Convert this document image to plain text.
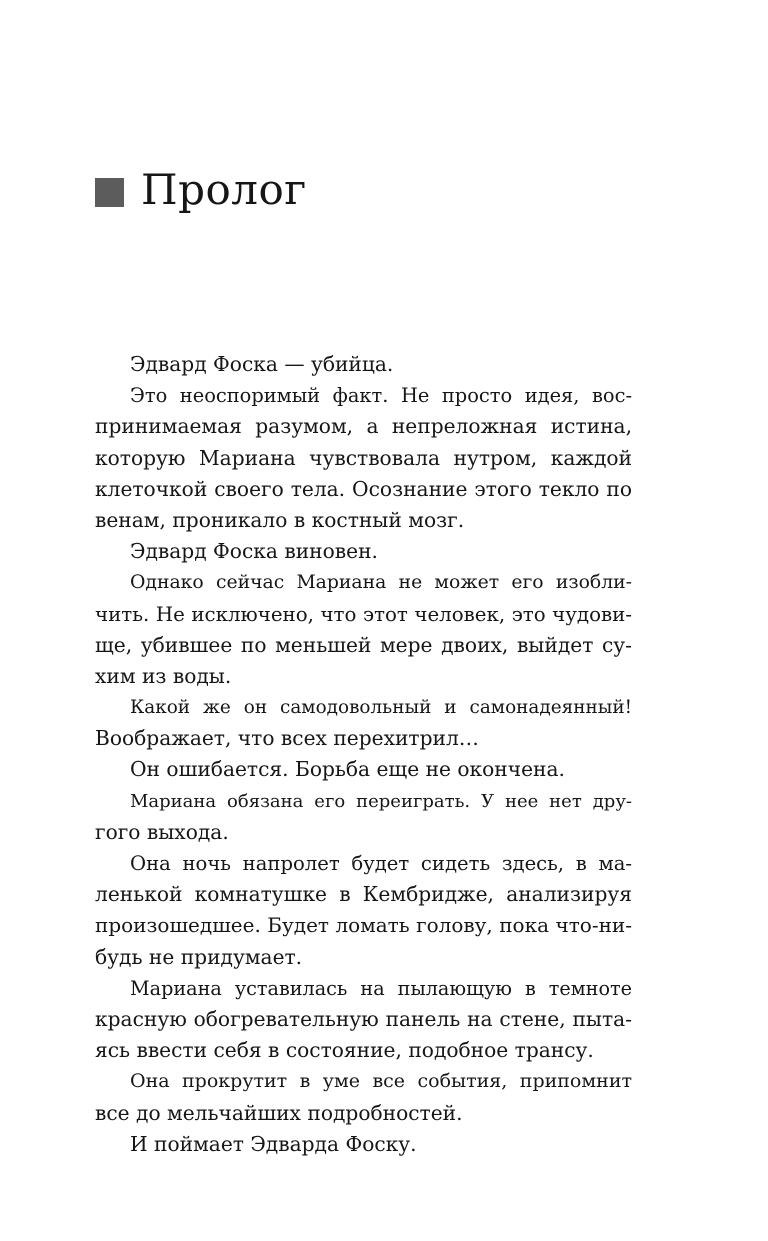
Пролог
Эдвард Фоска — убийца.
Это неоспоримый факт. Не просто идея, вос-
принимаемая разумом, а непреложная истина,
которую Мариана чувствовала нутром, каждой
клеточкой своего тела. Осознание этого текло по
венам, проникало в костный мозг.
Эдвард Фоска виновен.
Однако сейчас Мариана не может его изобли-
чить. Не исключено, что этот человек, это чудови-
ще, убившее по меньшей мере двоих, выйдет су-
хим из воды.
Какой же он самодовольный и самонадеянный!
Воображает, что всех перехитрил…
Он ошибается. Борьба еще не окончена.
Мариана обязана его переиграть. У нее нет дру-
гого выхода.
Она ночь напролет будет сидеть здесь, в ма-
ленькой комнатушке в Кембридже, анализируя
произошедшее. Будет ломать голову, пока что-ни-
будь не придумает.
Мариана уставилась на пылающую в темноте
красную обогревательную панель на стене, пыта-
ясь ввести себя в состояние, подобное трансу.
Она прокрутит в уме все события, припомнит
все до мельчайших подробностей.
И поймает Эдварда Фоску.
